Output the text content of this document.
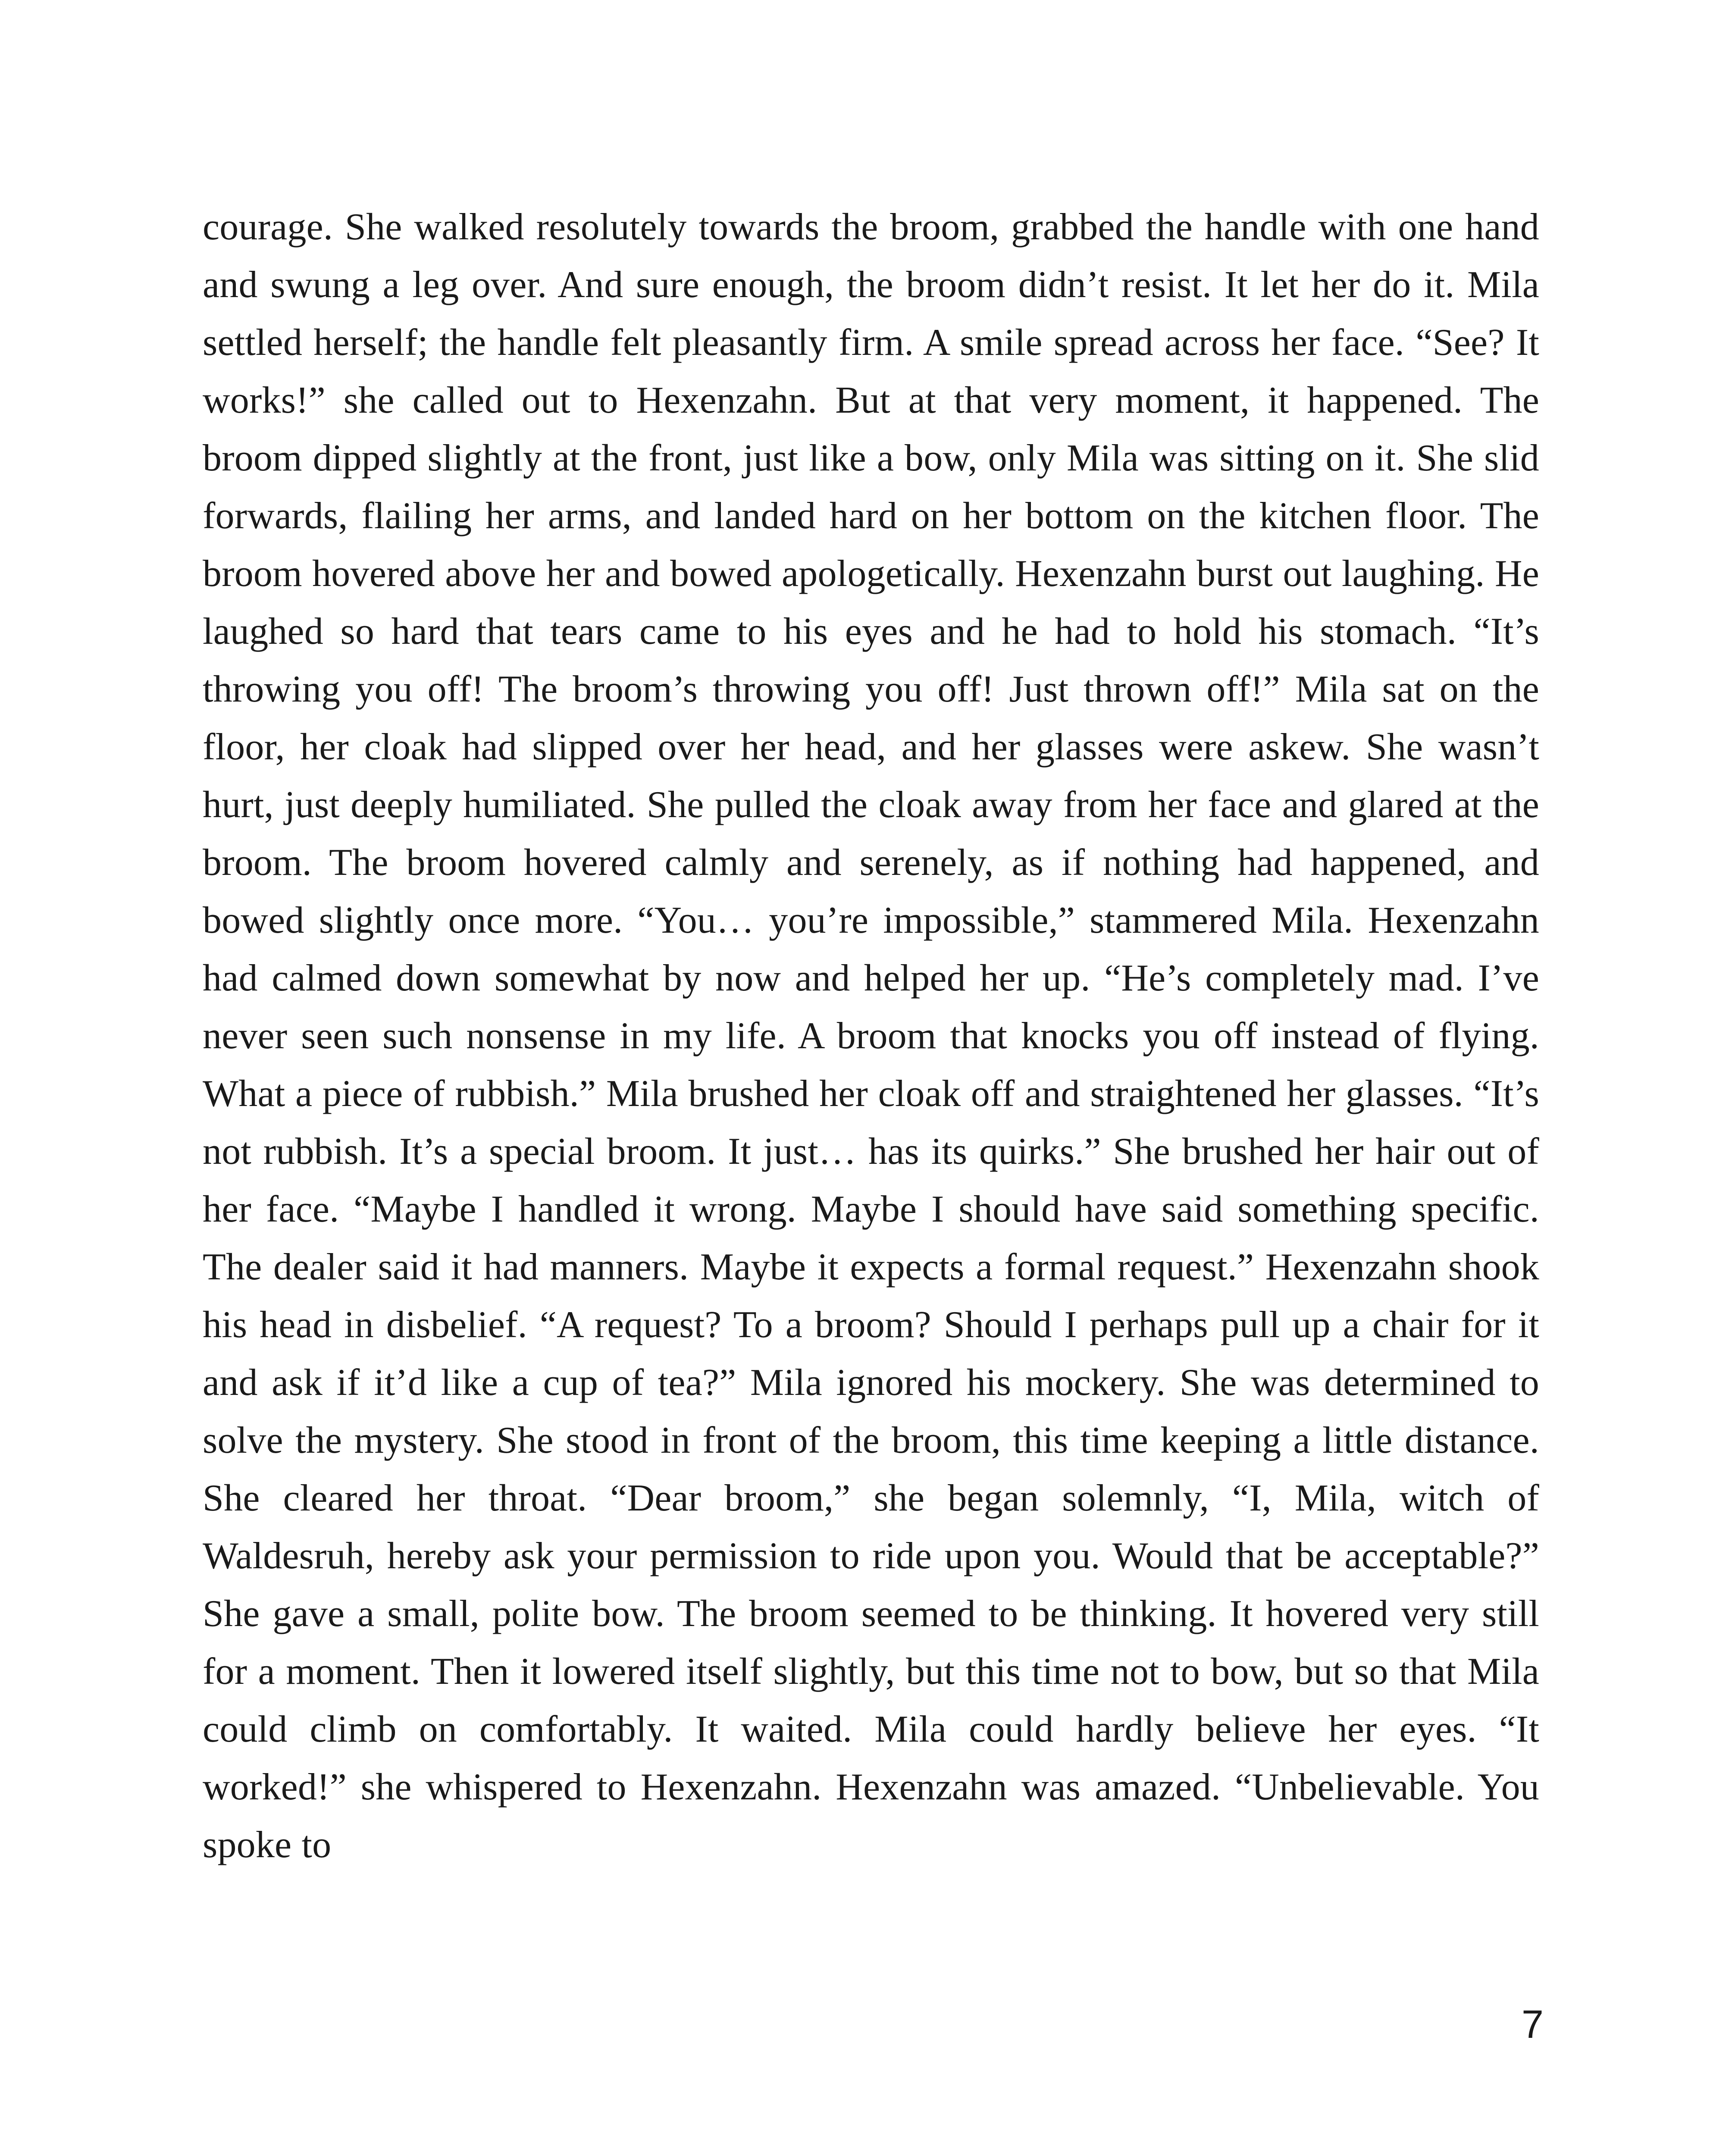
courage. She walked resolutely towards the broom, grabbed the handle with one hand and swung a leg over. And sure enough, the broom didn’t resist. It let her do it. Mila settled herself; the handle felt pleasantly firm. A smile spread across her face. “See? It works!” she called out to Hexenzahn. But at that very moment, it happened. The broom dipped slightly at the front, just like a bow, only Mila was sitting on it. She slid forwards, flailing her arms, and landed hard on her bottom on the kitchen floor. The broom hovered above her and bowed apologetically. Hexenzahn burst out laughing. He laughed so hard that tears came to his eyes and he had to hold his stomach. “It’s throwing you off! The broom’s throwing you off! Just thrown off!” Mila sat on the floor, her cloak had slipped over her head, and her glasses were askew. She wasn’t hurt, just deeply humiliated. She pulled the cloak away from her face and glared at the broom. The broom hovered calmly and serenely, as if nothing had happened, and bowed slightly once more. “You… you’re impossible,” stammered Mila. Hexenzahn had calmed down somewhat by now and helped her up. “He’s completely mad. I’ve never seen such nonsense in my life. A broom that knocks you off instead of flying. What a piece of rubbish.” Mila brushed her cloak off and straightened her glasses. “It’s not rubbish. It’s a special broom. It just… has its quirks.” She brushed her hair out of her face. “Maybe I handled it wrong. Maybe I should have said something specific. The dealer said it had manners. Maybe it expects a formal request.” Hexenzahn shook his head in disbelief. “A request? To a broom? Should I perhaps pull up a chair for it and ask if it’d like a cup of tea?” Mila ignored his mockery. She was determined to solve the mystery. She stood in front of the broom, this time keeping a little distance. She cleared her throat. “Dear broom,” she began solemnly, “I, Mila, witch of Waldesruh, hereby ask your permission to ride upon you. Would that be acceptable?” She gave a small, polite bow. The broom seemed to be thinking. It hovered very still for a moment. Then it lowered itself slightly, but this time not to bow, but so that Mila could climb on comfortably. It waited. Mila could hardly believe her eyes. “It worked!” she whispered to Hexenzahn. Hexenzahn was amazed. “Unbelievable. You spoke to

7
